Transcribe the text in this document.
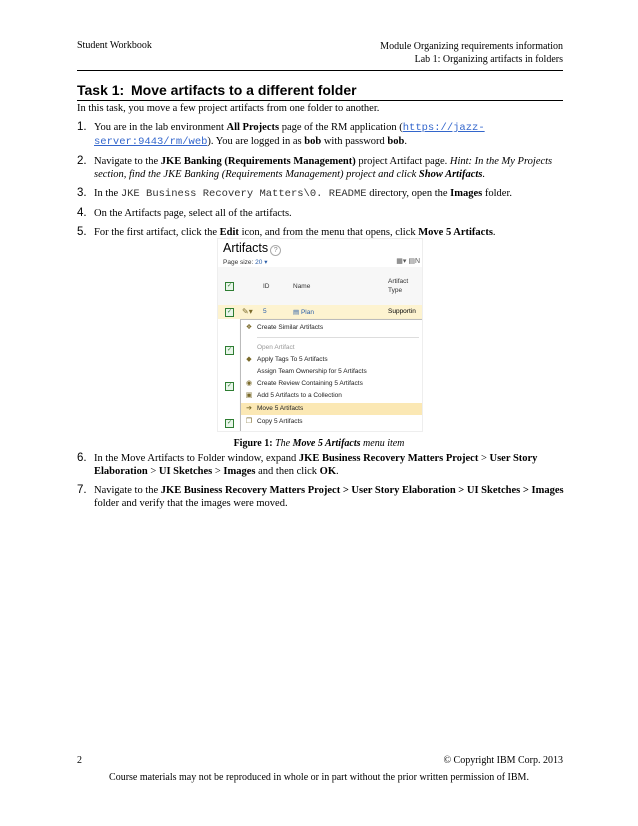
Student Workbook	Module Organizing requirements information
Lab 1: Organizing artifacts in folders
Task 1: Move artifacts to a different folder
In this task, you move a few project artifacts from one folder to another.
1. You are in the lab environment All Projects page of the RM application (https://jazz-server:9443/rm/web). You are logged in as bob with password bob.
2. Navigate to the JKE Banking (Requirements Management) project Artifact page. Hint: In the My Projects section, find the JKE Banking (Requirements Management) project and click Show Artifacts.
3. In the JKE Business Recovery Matters\0. README directory, open the Images folder.
4. On the Artifacts page, select all of the artifacts.
5. For the first artifact, click the Edit icon, and from the menu that opens, click Move 5 Artifacts.
Artifacts ?
Page size: 20 ▾	▦▾ ▤N
✓	ID	Name
Artifact
Type
✓ ✎▾ 5	▤ Plan	Supportin
✓
✓
✓
❖ Create Similar Artifacts
Open Artifact
◆ Apply Tags To 5 Artifacts
Assign Team Ownership for 5 Artifacts
◉ Create Review Containing 5 Artifacts
▣ Add 5 Artifacts to a Collection
➔ Move 5 Artifacts
❐ Copy 5 Artifacts
Figure 1: The Move 5 Artifacts menu item
6. In the Move Artifacts to Folder window, expand JKE Business Recovery Matters Project > User Story Elaboration > UI Sketches > Images and then click OK.
7. Navigate to the JKE Business Recovery Matters Project > User Story Elaboration > UI Sketches > Images folder and verify that the images were moved.
2	© Copyright IBM Corp. 2013
Course materials may not be reproduced in whole or in part without the prior written permission of IBM.
